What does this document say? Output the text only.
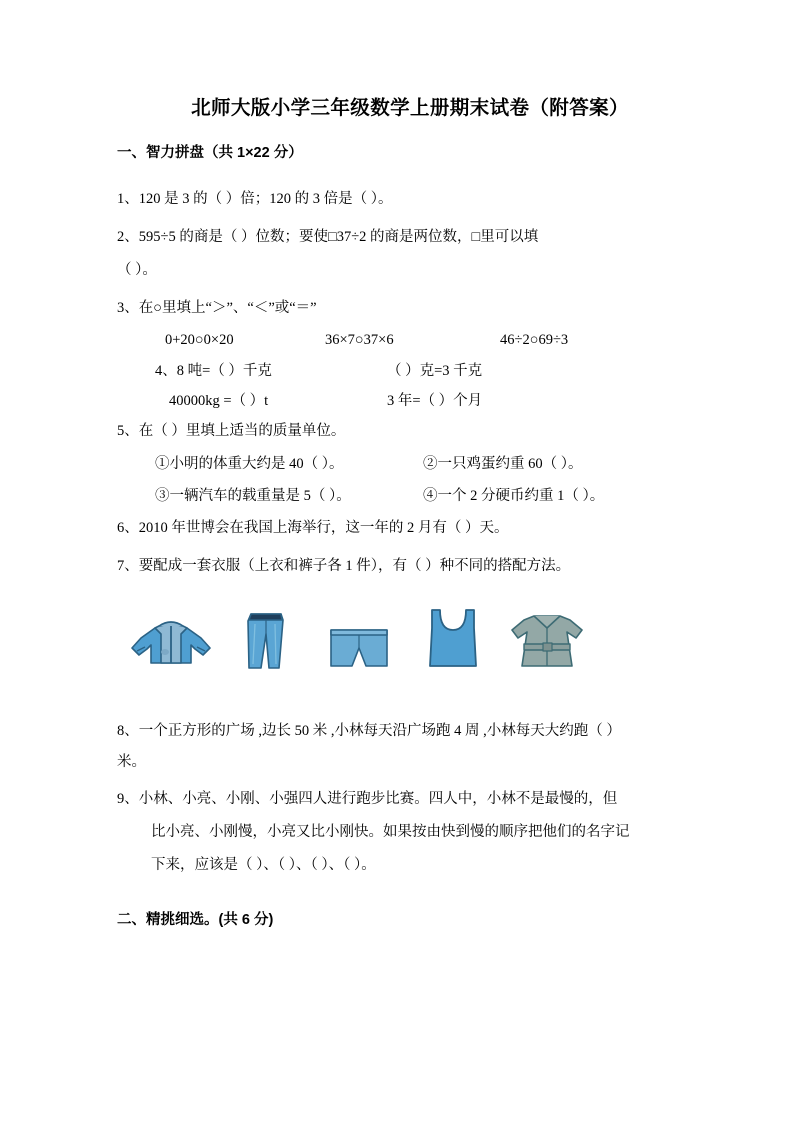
北师大版小学三年级数学上册期末试卷（附答案）
一、智力拼盘（共 1×22 分）

1、120 是 3 的（ ）倍；120 的 3 倍是（ ）。

2、595÷5 的商是（ ）位数；要使□37÷2 的商是两位数，□里可以填

（ ）。

3、在○里填上“＞”、“＜”或“＝”

0+20○0×20	36×7○37×6	46÷2○69÷3
4、8 吨=（ ）千克	（ ）克=3 千克
40000kg =（ ）t	3 年=（ ）个月

5、在（ ）里填上适当的质量单位。

①小明的体重大约是 40（ ）。	②一只鸡蛋约重 60（ ）。
③一辆汽车的载重量是 5（ ）。	④一个 2 分硬币约重 1（ ）。

6、2010 年世博会在我国上海举行，这一年的 2 月有（ ）天。

7、要配成一套衣服（上衣和裤子各 1 件），有（ ）种不同的搭配方法。

8、一个正方形的广场 ,边长 50 米 ,小林每天沿广场跑 4 周 ,小林每天大约跑（ ）
米。

9、小林、小亮、小刚、小强四人进行跑步比赛。四人中，小林不是最慢的，但

比小亮、小刚慢，小亮又比小刚快。如果按由快到慢的顺序把他们的名字记

下来，应该是（ ）、（ ）、（ ）、（ ）。

二、精挑细选。(共 6 分)
